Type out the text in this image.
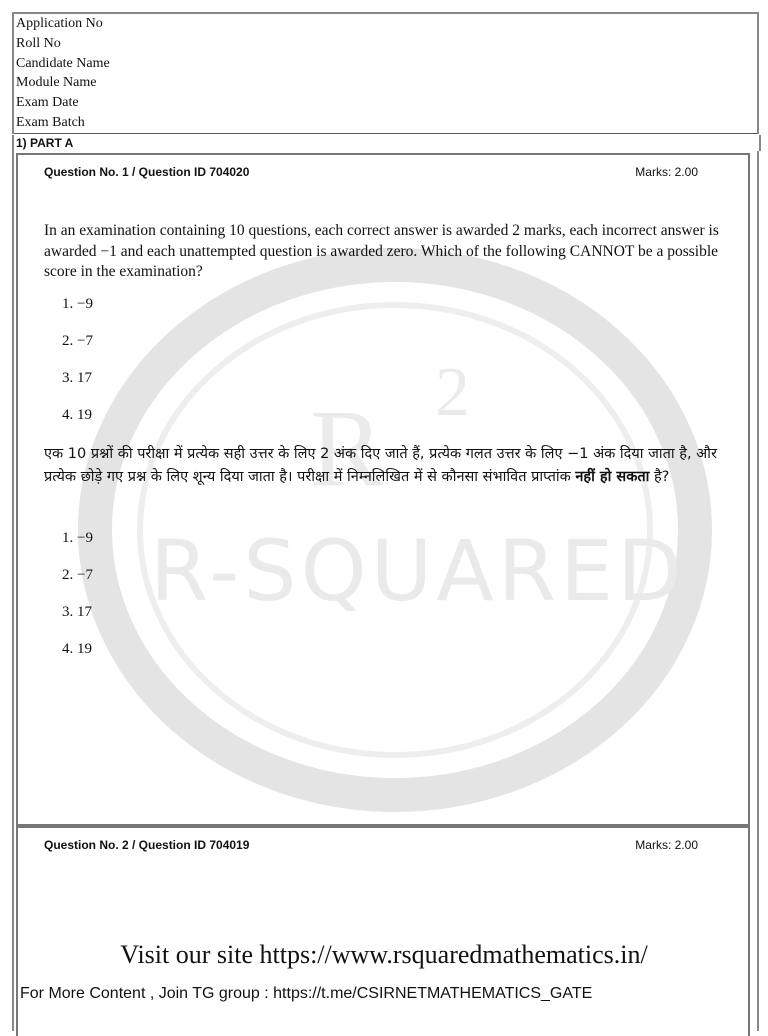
R 2
R-SQUARED
Application No
Roll No
Candidate Name
Module Name
Exam Date
Exam Batch
1) PART A
Question No. 1 / Question ID 704020	Marks: 2.00
In an examination containing 10 questions, each correct answer is awarded 2 marks, each incorrect answer is awarded −1 and each unattempted question is awarded zero. Which of the following CANNOT be a possible score in the examination?
1. −9
2. −7
3. 17
4. 19
एक 10 प्रश्नों की परीक्षा में प्रत्येक सही उत्तर के लिए 2 अंक दिए जाते हैं, प्रत्येक गलत उत्तर के लिए −1 अंक दिया जाता है, और प्रत्येक छोड़े गए प्रश्न के लिए शून्य दिया जाता है। परीक्षा में निम्नलिखित में से कौनसा संभावित प्राप्तांक नहीं हो सकता है?
1. −9
2. −7
3. 17
4. 19
Question No. 2 / Question ID 704019	Marks: 2.00
Visit our site https://www.rsquaredmathematics.in/
For More Content , Join TG group : https://t.me/CSIRNETMATHEMATICS_GATE
